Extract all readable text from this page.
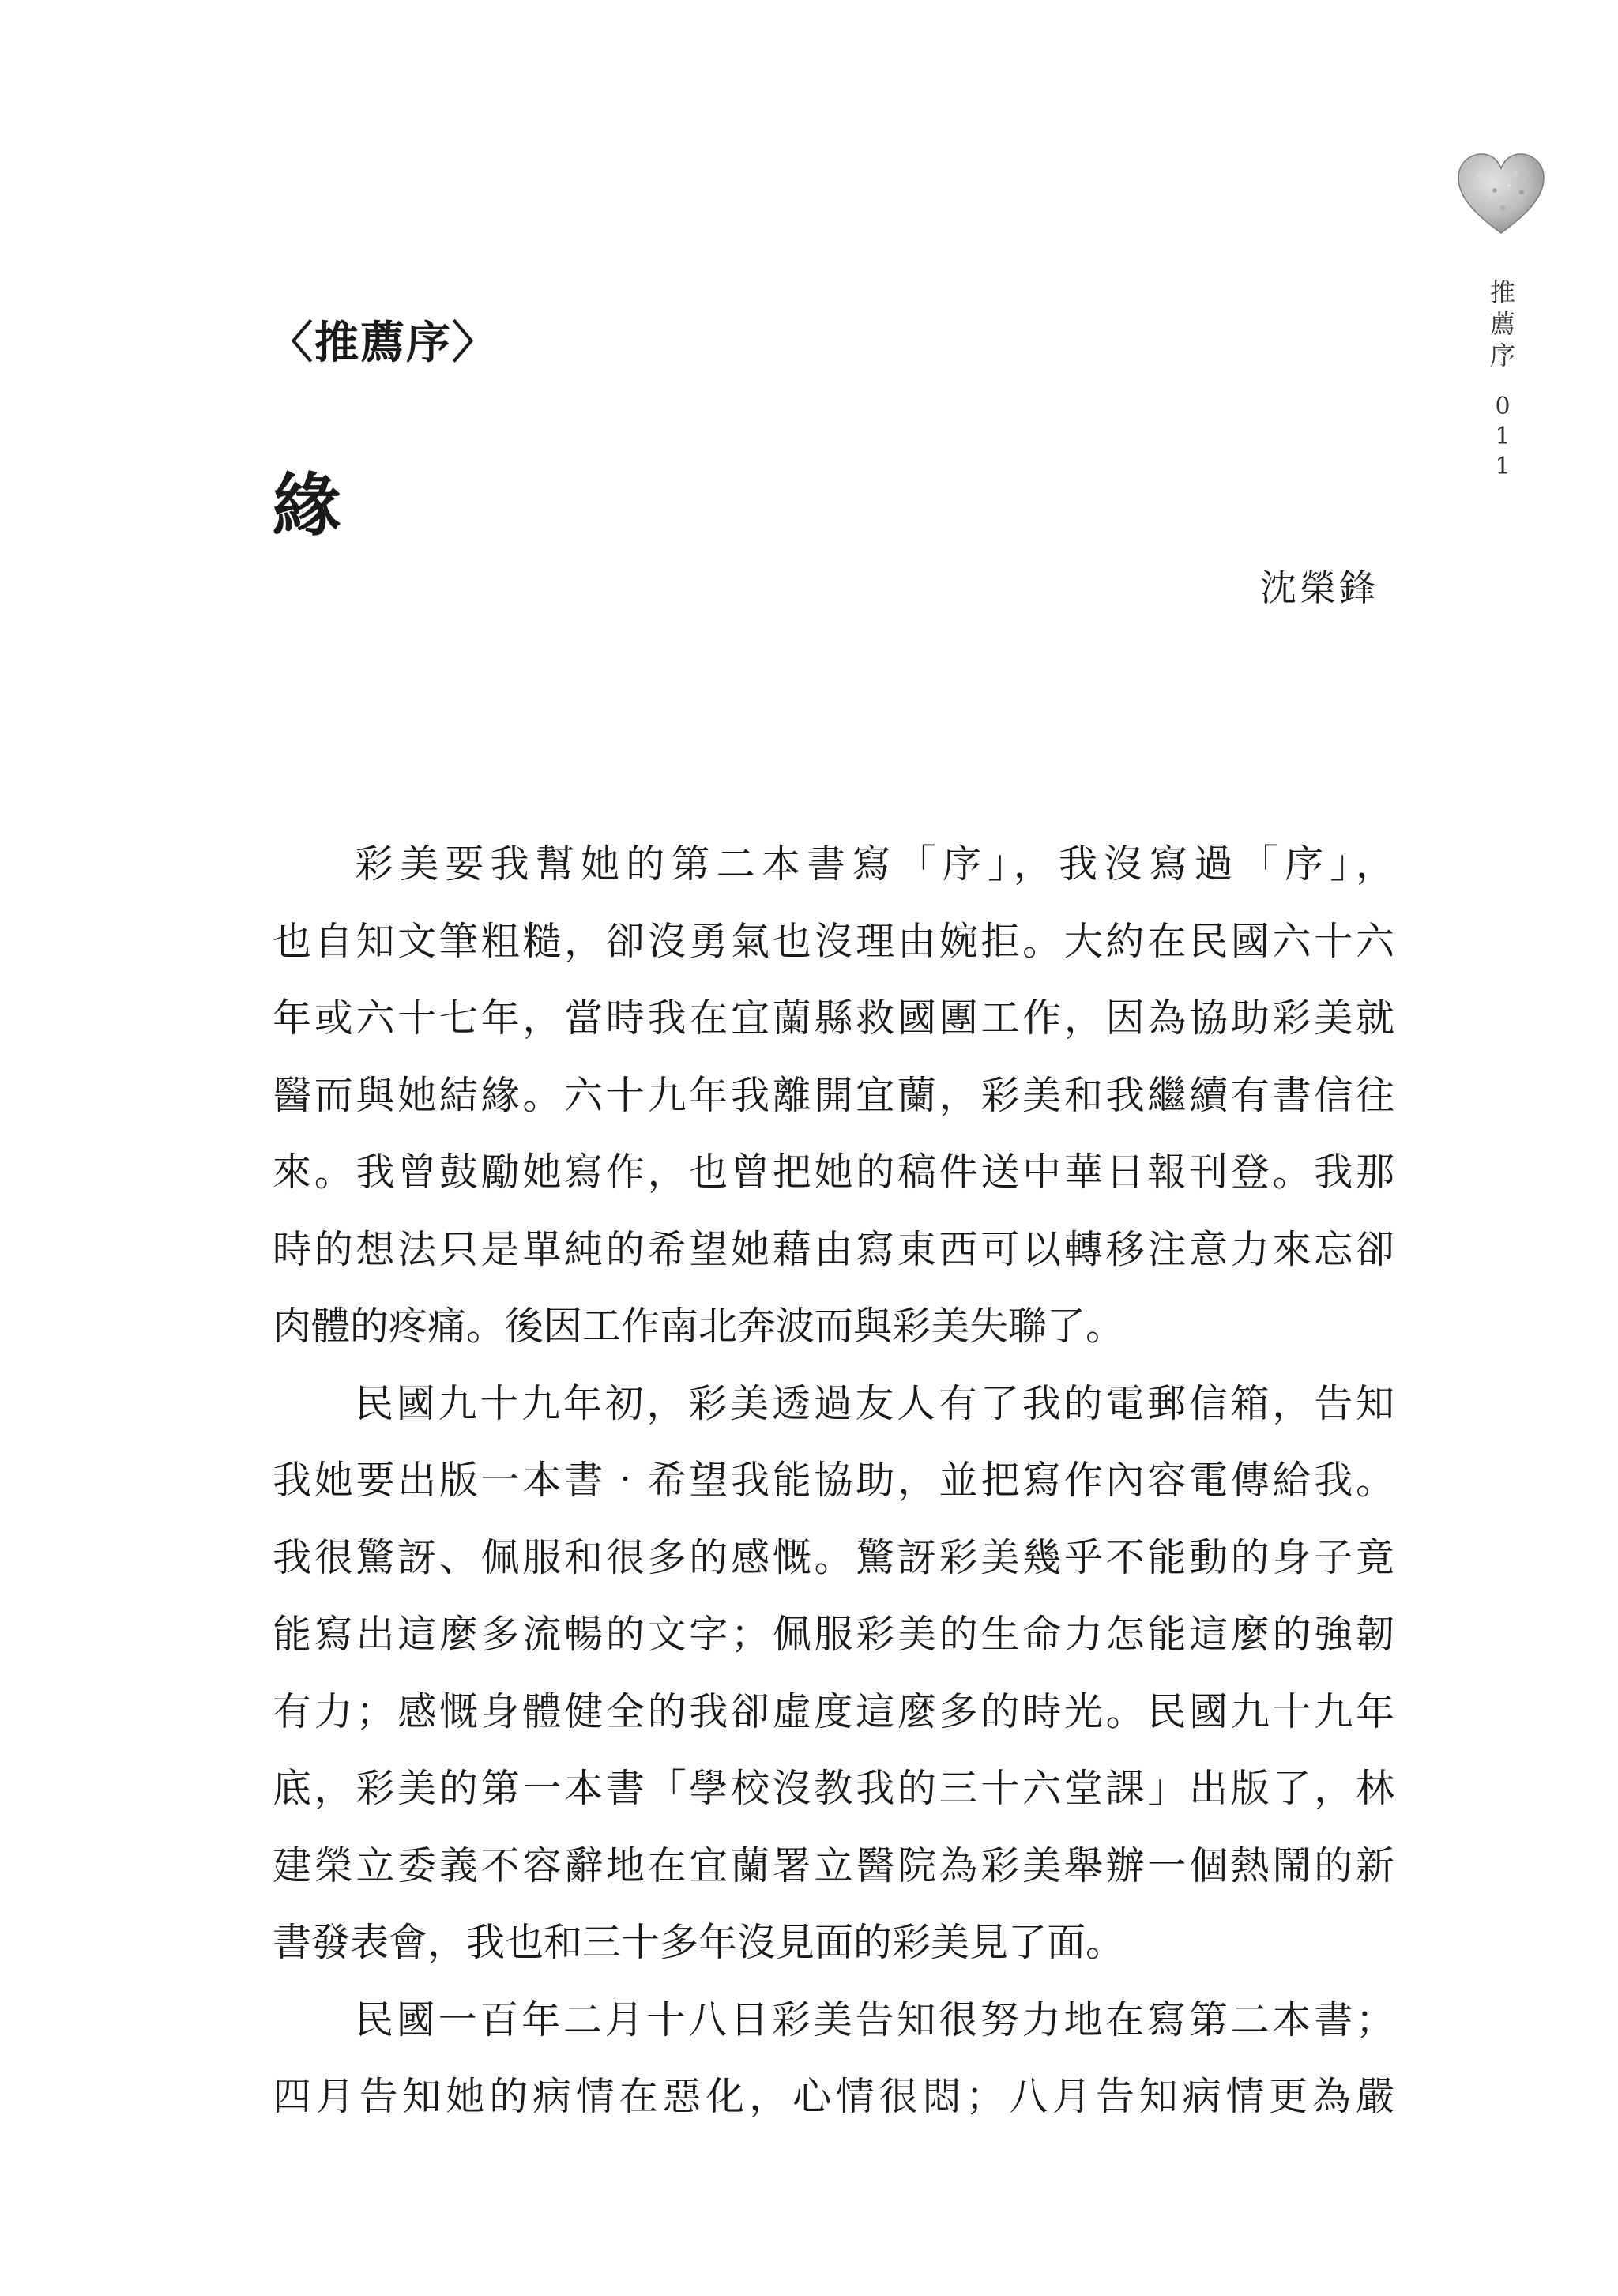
推薦序
011
〈推薦序〉
緣
沈榮鋒
彩美要我幫她的第二本書寫「序」，我沒寫過「序」，
也自知文筆粗糙，卻沒勇氣也沒理由婉拒。大約在民國六十六
年或六十七年，當時我在宜蘭縣救國團工作，因為協助彩美就
醫而與她結緣。六十九年我離開宜蘭，彩美和我繼續有書信往
來。我曾鼓勵她寫作，也曾把她的稿件送中華日報刊登。我那
時的想法只是單純的希望她藉由寫東西可以轉移注意力來忘卻
肉體的疼痛。後因工作南北奔波而與彩美失聯了。
民國九十九年初，彩美透過友人有了我的電郵信箱，告知
我她要出版一本書‧希望我能協助，並把寫作內容電傳給我。
我很驚訝、佩服和很多的感慨。驚訝彩美幾乎不能動的身子竟
能寫出這麼多流暢的文字；佩服彩美的生命力怎能這麼的強韌
有力；感慨身體健全的我卻虛度這麼多的時光。民國九十九年
底，彩美的第一本書「學校沒教我的三十六堂課」出版了，林
建榮立委義不容辭地在宜蘭署立醫院為彩美舉辦一個熱鬧的新
書發表會，我也和三十多年沒見面的彩美見了面。
民國一百年二月十八日彩美告知很努力地在寫第二本書；
四月告知她的病情在惡化，心情很悶；八月告知病情更為嚴
